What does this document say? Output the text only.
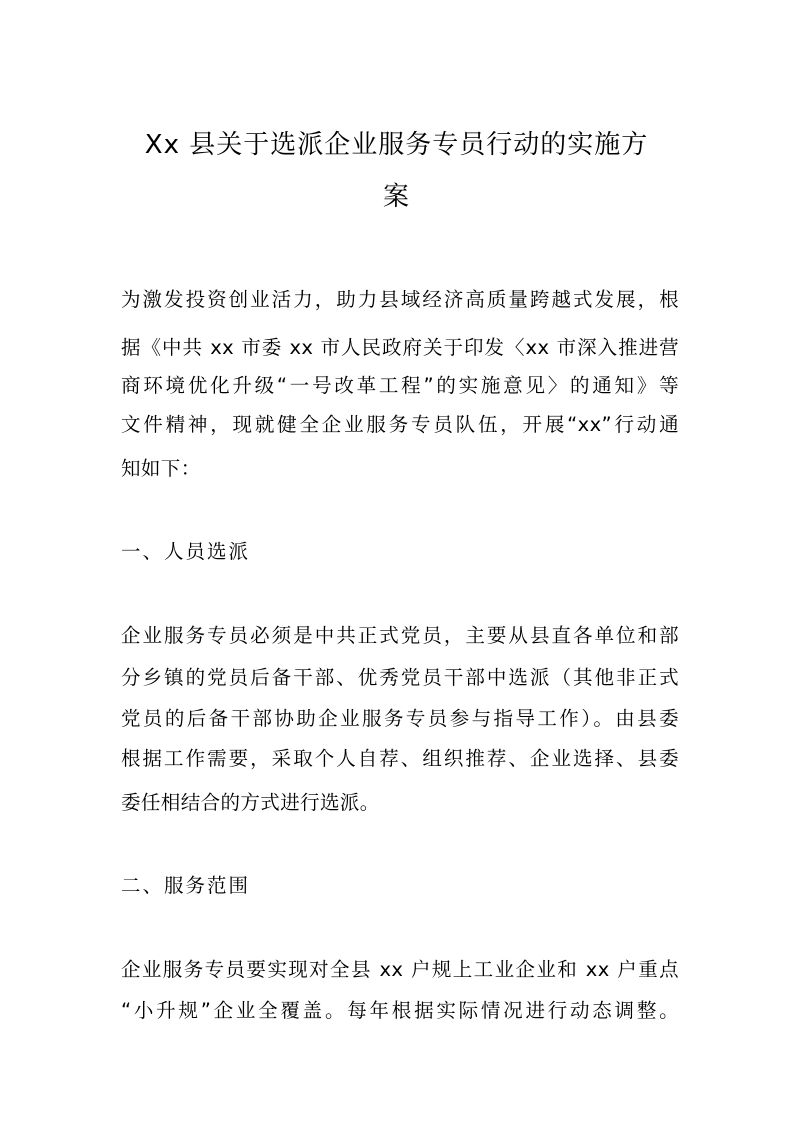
Xx 县关于选派企业服务专员行动的实施方
案
为激发投资创业活力，助力县域经济高质量跨越式发展，根
据《中共 xx 市委 xx 市人民政府关于印发〈xx 市深入推进营
商环境优化升级“一号改革工程”的实施意见〉的通知》等
文件精神，现就健全企业服务专员队伍，开展“xx”行动通
知如下：
一、人员选派
企业服务专员必须是中共正式党员，主要从县直各单位和部
分乡镇的党员后备干部、优秀党员干部中选派（其他非正式
党员的后备干部协助企业服务专员参与指导工作）。由县委
根据工作需要，采取个人自荐、组织推荐、企业选择、县委
委任相结合的方式进行选派。
二、服务范围
企业服务专员要实现对全县 xx 户规上工业企业和 xx 户重点
“小升规”企业全覆盖。每年根据实际情况进行动态调整。
